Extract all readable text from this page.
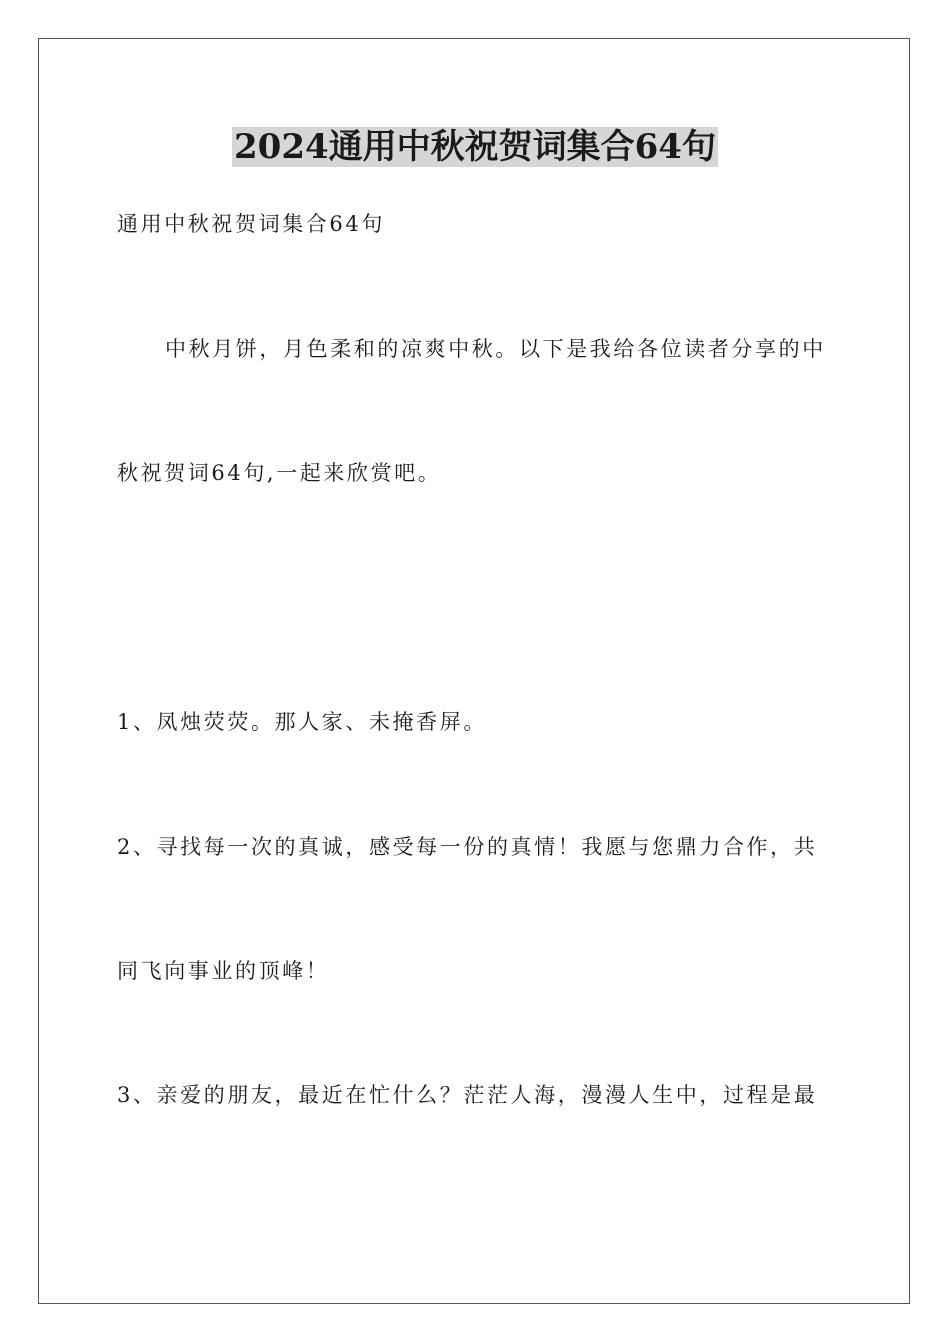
2024通用中秋祝贺词集合64句

通用中秋祝贺词集合64句

中秋月饼，月色柔和的凉爽中秋。以下是我给各位读者分享的中

秋祝贺词64句,一起来欣赏吧。

1、凤烛荧荧。那人家、未掩香屏。

2、寻找每一次的真诚，感受每一份的真情！我愿与您鼎力合作，共

同飞向事业的顶峰！

3、亲爱的朋友，最近在忙什么？茫茫人海，漫漫人生中，过程是最
